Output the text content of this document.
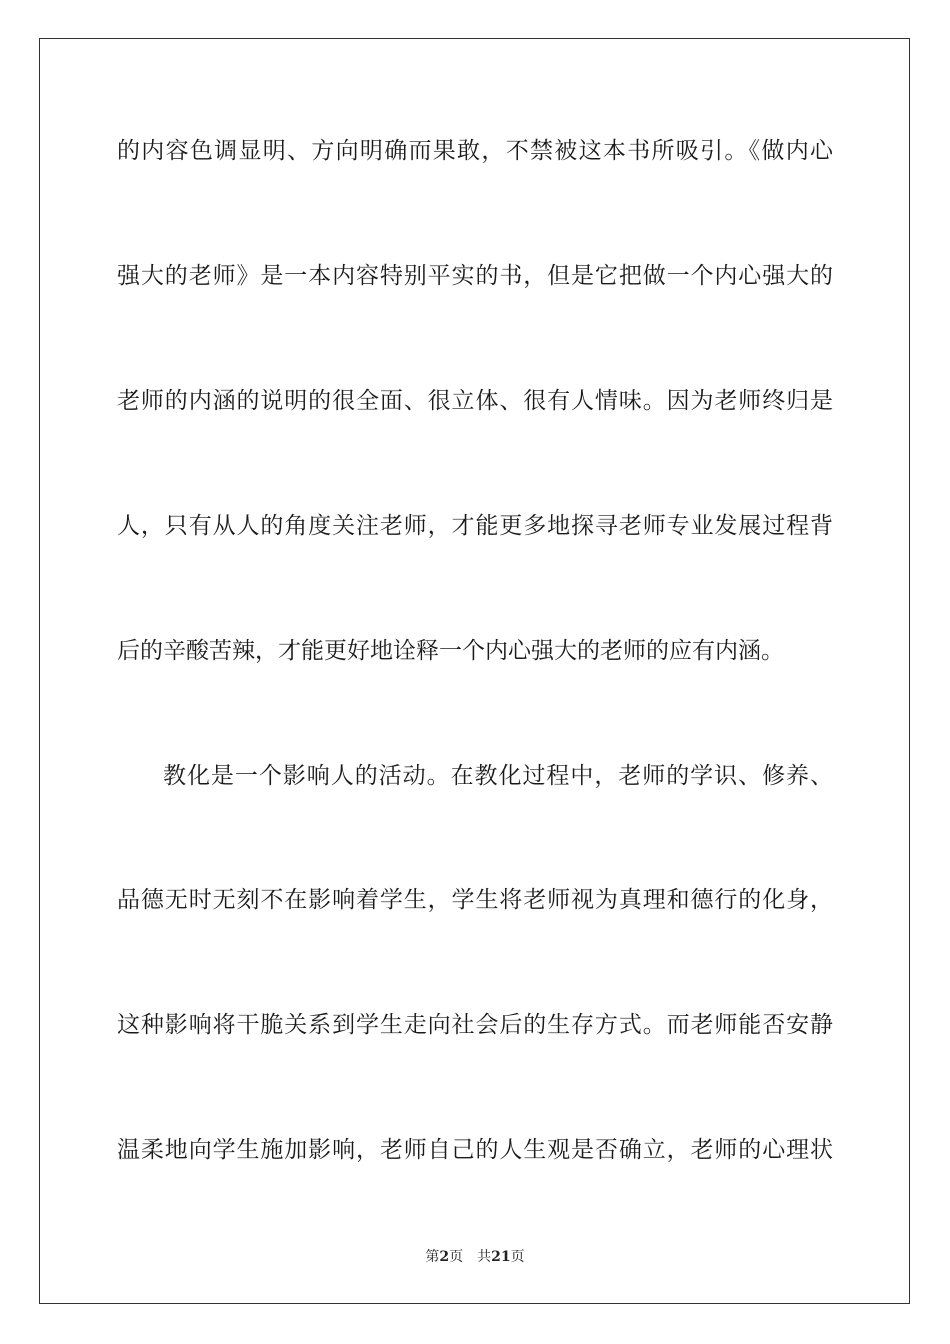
的内容色调显明、方向明确而果敢，不禁被这本书所吸引。《做内心
强大的老师》是一本内容特别平实的书，但是它把做一个内心强大的
老师的内涵的说明的很全面、很立体、很有人情味。因为老师终归是
人，只有从人的角度关注老师，才能更多地探寻老师专业发展过程背
后的辛酸苦辣，才能更好地诠释一个内心强大的老师的应有内涵。
教化是一个影响人的活动。在教化过程中，老师的学识、修养、
品德无时无刻不在影响着学生，学生将老师视为真理和德行的化身，
这种影响将干脆关系到学生走向社会后的生存方式。而老师能否安静
温柔地向学生施加影响，老师自己的人生观是否确立，老师的心理状
第2页 共21页
